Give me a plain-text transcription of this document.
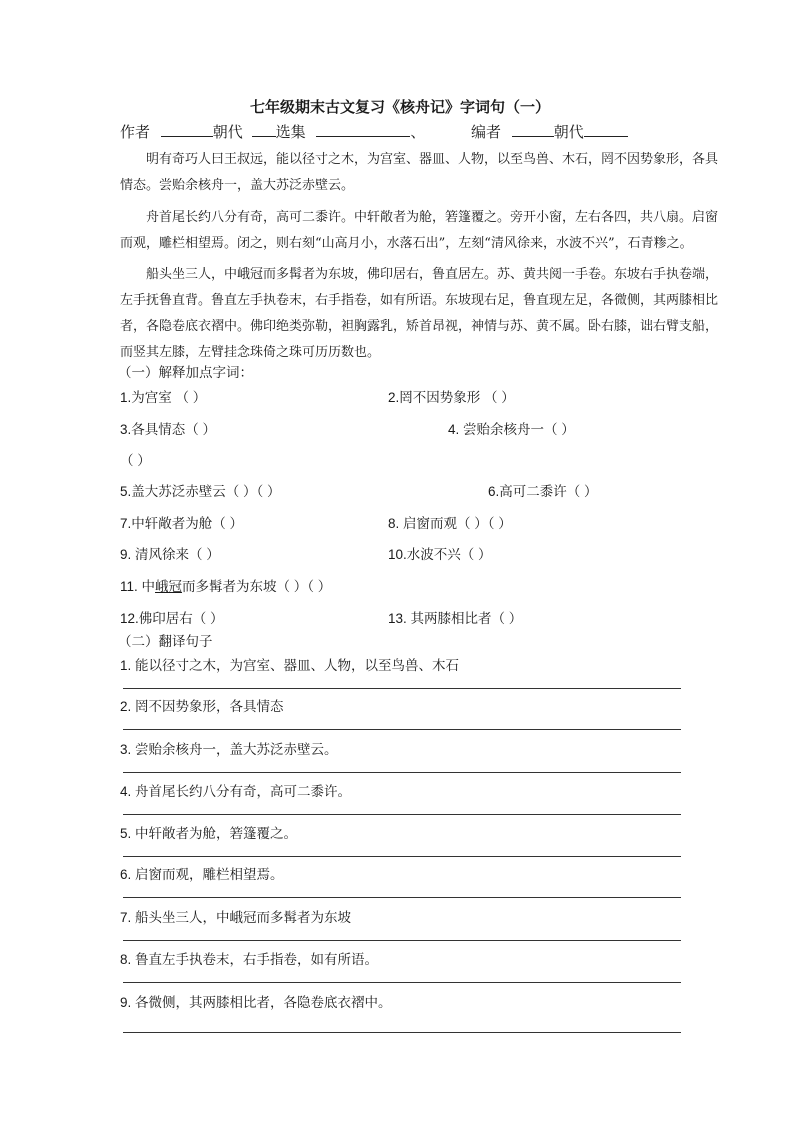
七年级期末古文复习《核舟记》字词句（一）
作者	朝代 选集	、	编者	朝代
明有奇巧人曰王叔远，能以径寸之木，为宫室、器皿、人物，以至鸟兽、木石，罔不因势象形，各具
情态。尝贻余核舟一，盖大苏泛赤壁云。
舟首尾长约八分有奇，高可二黍许。中轩敞者为舱，箬篷覆之。旁开小窗，左右各四，共八扇。启窗
而观，雕栏相望焉。闭之，则右刻“山高月小，水落石出”，左刻“清风徐来，水波不兴”，石青糁之。
船头坐三人，中峨冠而多髯者为东坡，佛印居右，鲁直居左。苏、黄共阅一手卷。东坡右手执卷端，
左手抚鲁直背。鲁直左手执卷末，右手指卷，如有所语。东坡现右足，鲁直现左足，各微侧，其两膝相比
者，各隐卷底衣褶中。佛印绝类弥勒，袒胸露乳，矫首昂视，神情与苏、黄不属。卧右膝，诎右臂支船，
而竖其左膝，左臂挂念珠倚之珠可历历数也。
（一）解释加点字词：
1.为宫室 （ ）	2.罔不因势象形 （ ）
3.各具情态（ ）	4. 尝贻余核舟一（ ）
（ ）
5.盖大苏泛赤壁云（ ）（ ）	6.高可二黍许（ ）
7.中轩敞者为舱（ ）	8. 启窗而观（ ）（ ）
9. 清风徐来（ ）	10.水波不兴（ ）
11. 中峨冠而多髯者为东坡（ ）（ ）
12.佛印居右（ ）	13. 其两膝相比者（ ）
（二）翻译句子
1. 能以径寸之木，为宫室、器皿、人物，以至鸟兽、木石
2. 罔不因势象形，各具情态
3. 尝贻余核舟一，盖大苏泛赤壁云。
4. 舟首尾长约八分有奇，高可二黍许。
5. 中轩敞者为舱，箬篷覆之。
6. 启窗而观，雕栏相望焉。
7. 船头坐三人，中峨冠而多髯者为东坡
8. 鲁直左手执卷末，右手指卷，如有所语。
9. 各微侧，其两膝相比者，各隐卷底衣褶中。
